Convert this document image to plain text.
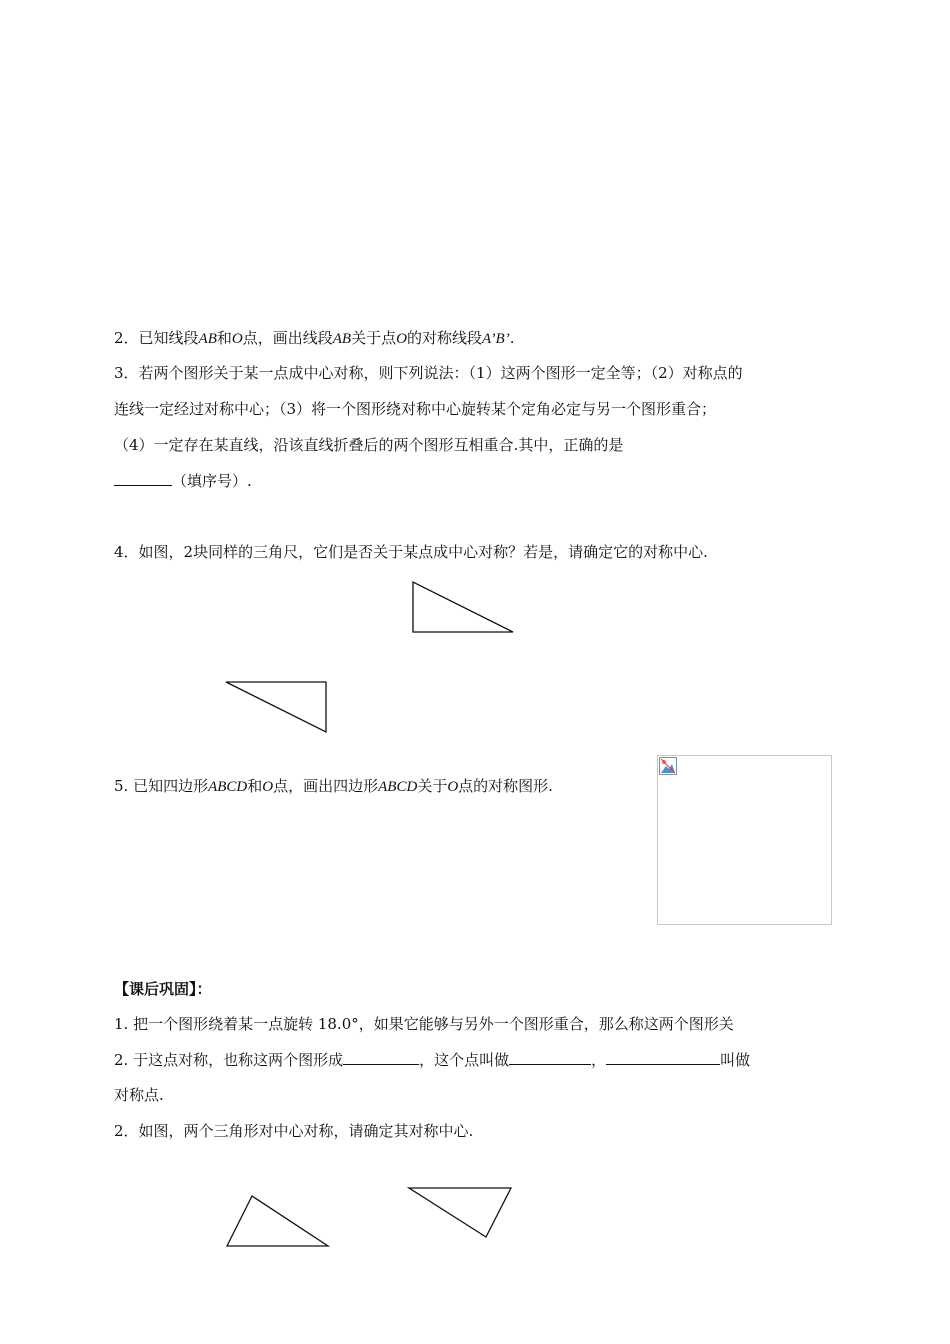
2．已知线段AB和O点，画出线段AB关于点O的对称线段A’B’.
3．若两个图形关于某一点成中心对称，则下列说法：（1）这两个图形一定全等；（2）对称点的
连线一定经过对称中心；（3）将一个图形绕对称中心旋转某个定角必定与另一个图形重合；
（4）一定存在某直线，沿该直线折叠后的两个图形互相重合.其中，正确的是
（填序号）.
4．如图，2块同样的三角尺，它们是否关于某点成中心对称？若是，请确定它的对称中心.
5. 已知四边形ABCD和O点，画出四边形ABCD关于O点的对称图形.
【课后巩固】：
1. 把一个图形绕着某一点旋转 18.0°，如果它能够与另外一个图形重合，那么称这两个图形关
2. 于这点对称，也称这两个图形成	，这个点叫做	，	叫做
对称点.
2．如图，两个三角形对中心对称，请确定其对称中心.
